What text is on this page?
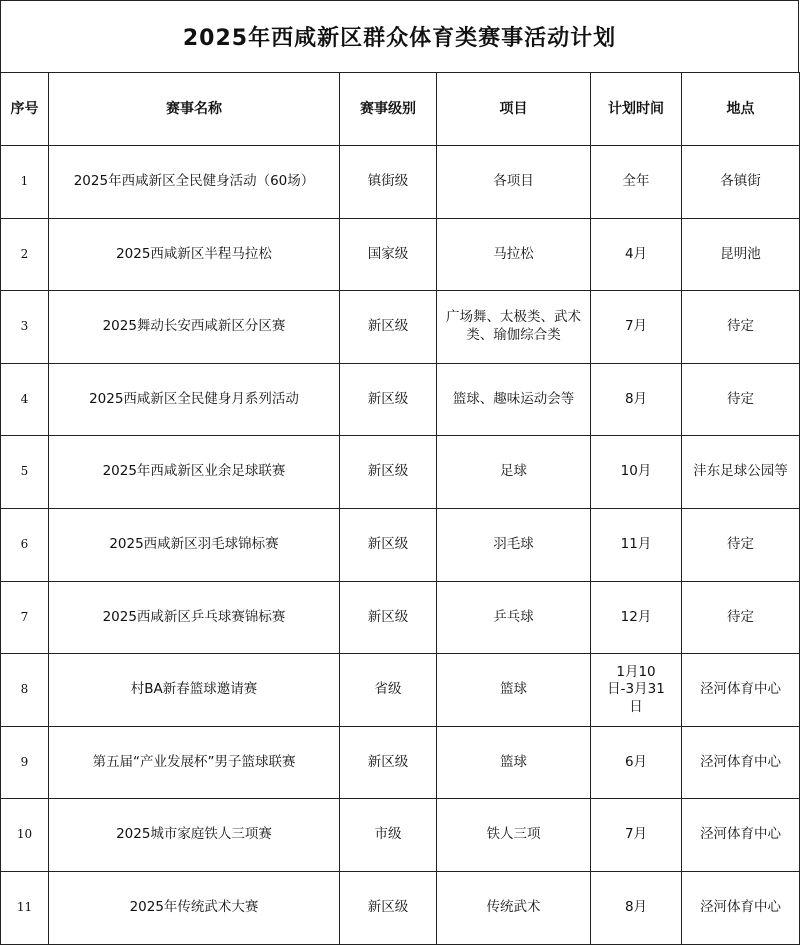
2025年西咸新区群众体育类赛事活动计划
序号	赛事名称	赛事级别	项目	计划时间	地点
1	2025年西咸新区全民健身活动（60场）	镇街级	各项目	全年	各镇街
2	2025西咸新区半程马拉松	国家级	马拉松	4月	昆明池
3	2025舞动长安西咸新区分区赛	新区级	广场舞、太极类、武术类、瑜伽综合类	7月	待定
4	2025西咸新区全民健身月系列活动	新区级	篮球、趣味运动会等	8月	待定
5	2025年西咸新区业余足球联赛	新区级	足球	10月	沣东足球公园等
6	2025西咸新区羽毛球锦标赛	新区级	羽毛球	11月	待定
7	2025西咸新区乒乓球赛锦标赛	新区级	乒乓球	12月	待定
8	村BA新春篮球邀请赛	省级	篮球	1月10日-3月31日	泾河体育中心
9	第五届“产业发展杯”男子篮球联赛	新区级	篮球	6月	泾河体育中心
10	2025城市家庭铁人三项赛	市级	铁人三项	7月	泾河体育中心
11	2025年传统武术大赛	新区级	传统武术	8月	泾河体育中心
